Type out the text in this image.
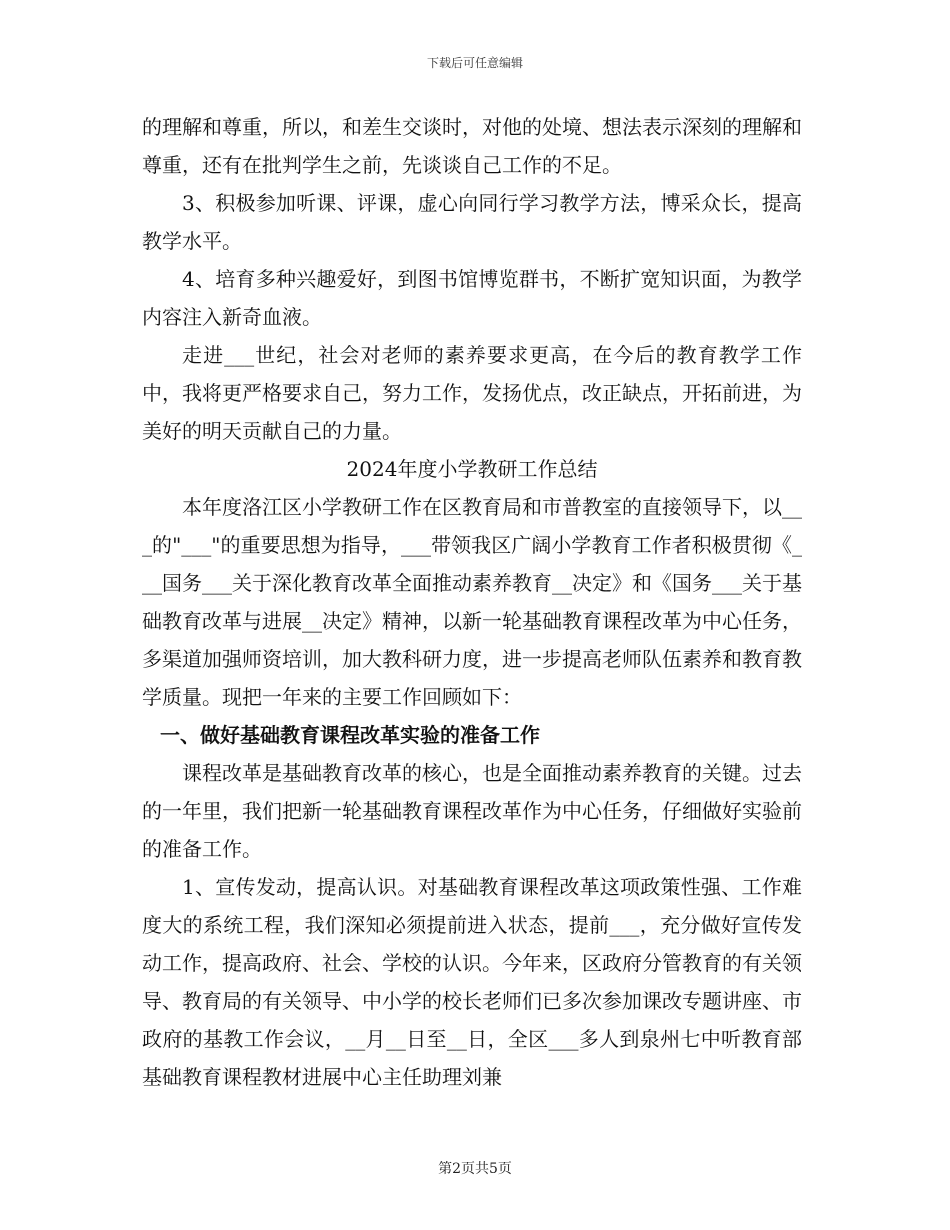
下载后可任意编辑

的理解和尊重，所以，和差生交谈时，对他的处境、想法表示深刻的理解和尊重，还有在批判学生之前，先谈谈自己工作的不足。

3、积极参加听课、评课，虚心向同行学习教学方法，博采众长，提高教学水平。

4、培育多种兴趣爱好，到图书馆博览群书，不断扩宽知识面，为教学内容注入新奇血液。

走进___世纪，社会对老师的素养要求更高，在今后的教育教学工作中，我将更严格要求自己，努力工作，发扬优点，改正缺点，开拓前进，为美好的明天贡献自己的力量。

2024年度小学教研工作总结

本年度洛江区小学教研工作在区教育局和市普教室的直接领导下，以___的"___"的重要思想为指导，___带领我区广阔小学教育工作者积极贯彻《___国务___关于深化教育改革全面推动素养教育__决定》和《国务___关于基础教育改革与进展__决定》精神，以新一轮基础教育课程改革为中心任务，多渠道加强师资培训，加大教科研力度，进一步提高老师队伍素养和教育教学质量。现把一年来的主要工作回顾如下：

一、做好基础教育课程改革实验的准备工作

课程改革是基础教育改革的核心，也是全面推动素养教育的关键。过去的一年里，我们把新一轮基础教育课程改革作为中心任务，仔细做好实验前的准备工作。

1、宣传发动，提高认识。对基础教育课程改革这项政策性强、工作难度大的系统工程，我们深知必须提前进入状态，提前___，充分做好宣传发动工作，提高政府、社会、学校的认识。今年来，区政府分管教育的有关领导、教育局的有关领导、中小学的校长老师们已多次参加课改专题讲座、市政府的基教工作会议，__月__日至__日，全区___多人到泉州七中听教育部基础教育课程教材进展中心主任助理刘兼

第2页共5页
